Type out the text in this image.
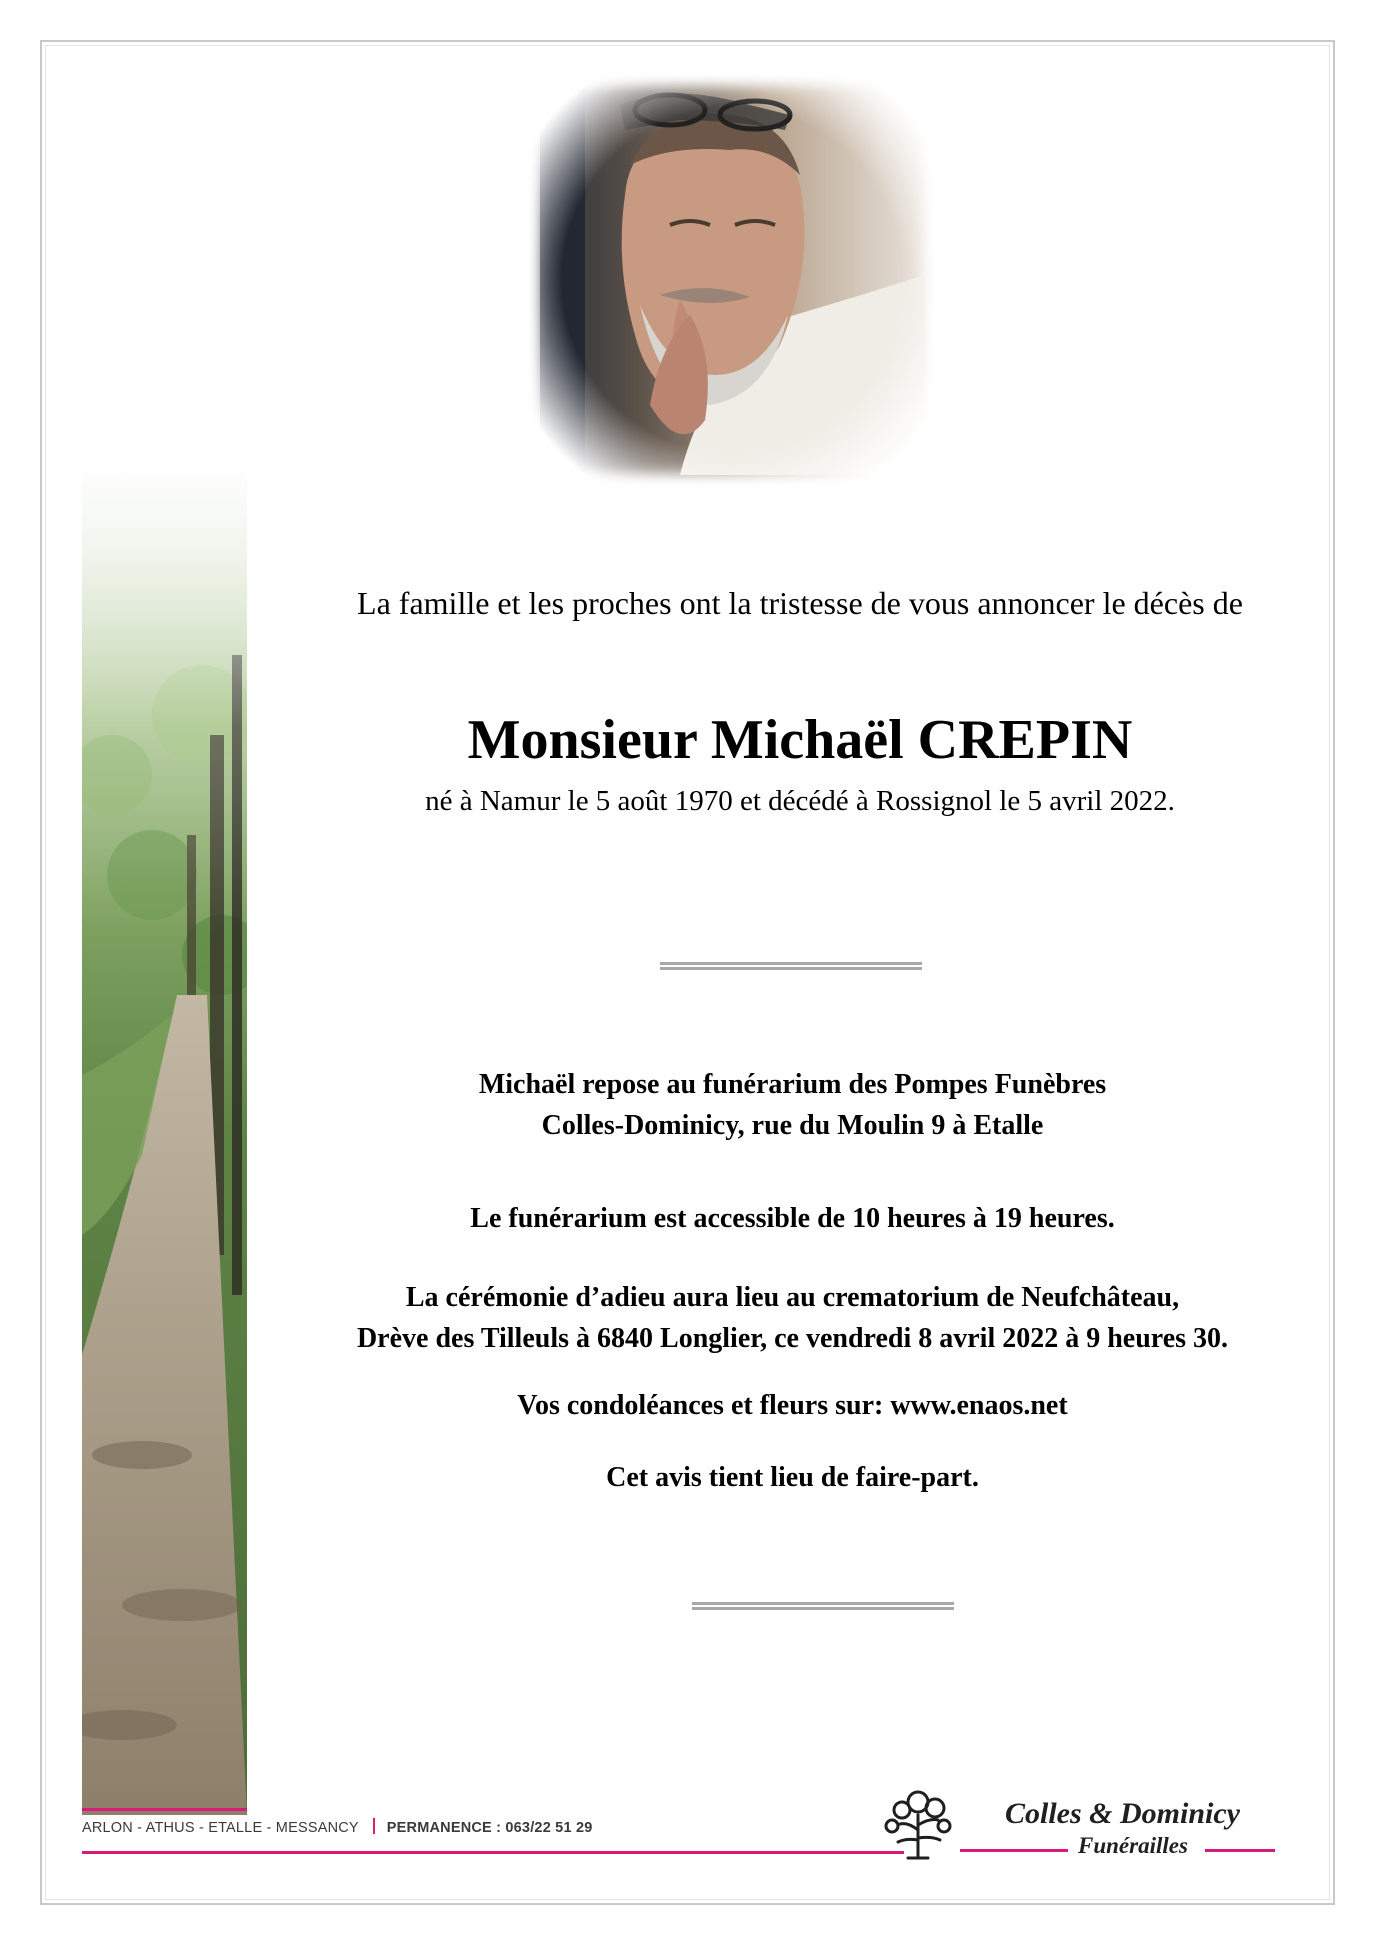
La famille et les proches ont la tristesse de vous annoncer le décès de
Monsieur Michaël CREPIN
né à Namur le 5 août 1970 et décédé à Rossignol le 5 avril 2022.
Michaël repose au funérarium des Pompes Funèbres
Colles-Dominicy, rue du Moulin 9 à Etalle
Le funérarium est accessible de 10 heures à 19 heures.
La cérémonie d’adieu aura lieu au crematorium de Neufchâteau,
Drève des Tilleuls à 6840 Longlier, ce vendredi 8 avril 2022 à 9 heures 30.
Vos condoléances et fleurs sur: www.enaos.net
Cet avis tient lieu de faire-part.
ARLON - ATHUS - ETALLE - MESSANCY PERMANENCE : 063/22 51 29	Colles & Dominicy
Funérailles
